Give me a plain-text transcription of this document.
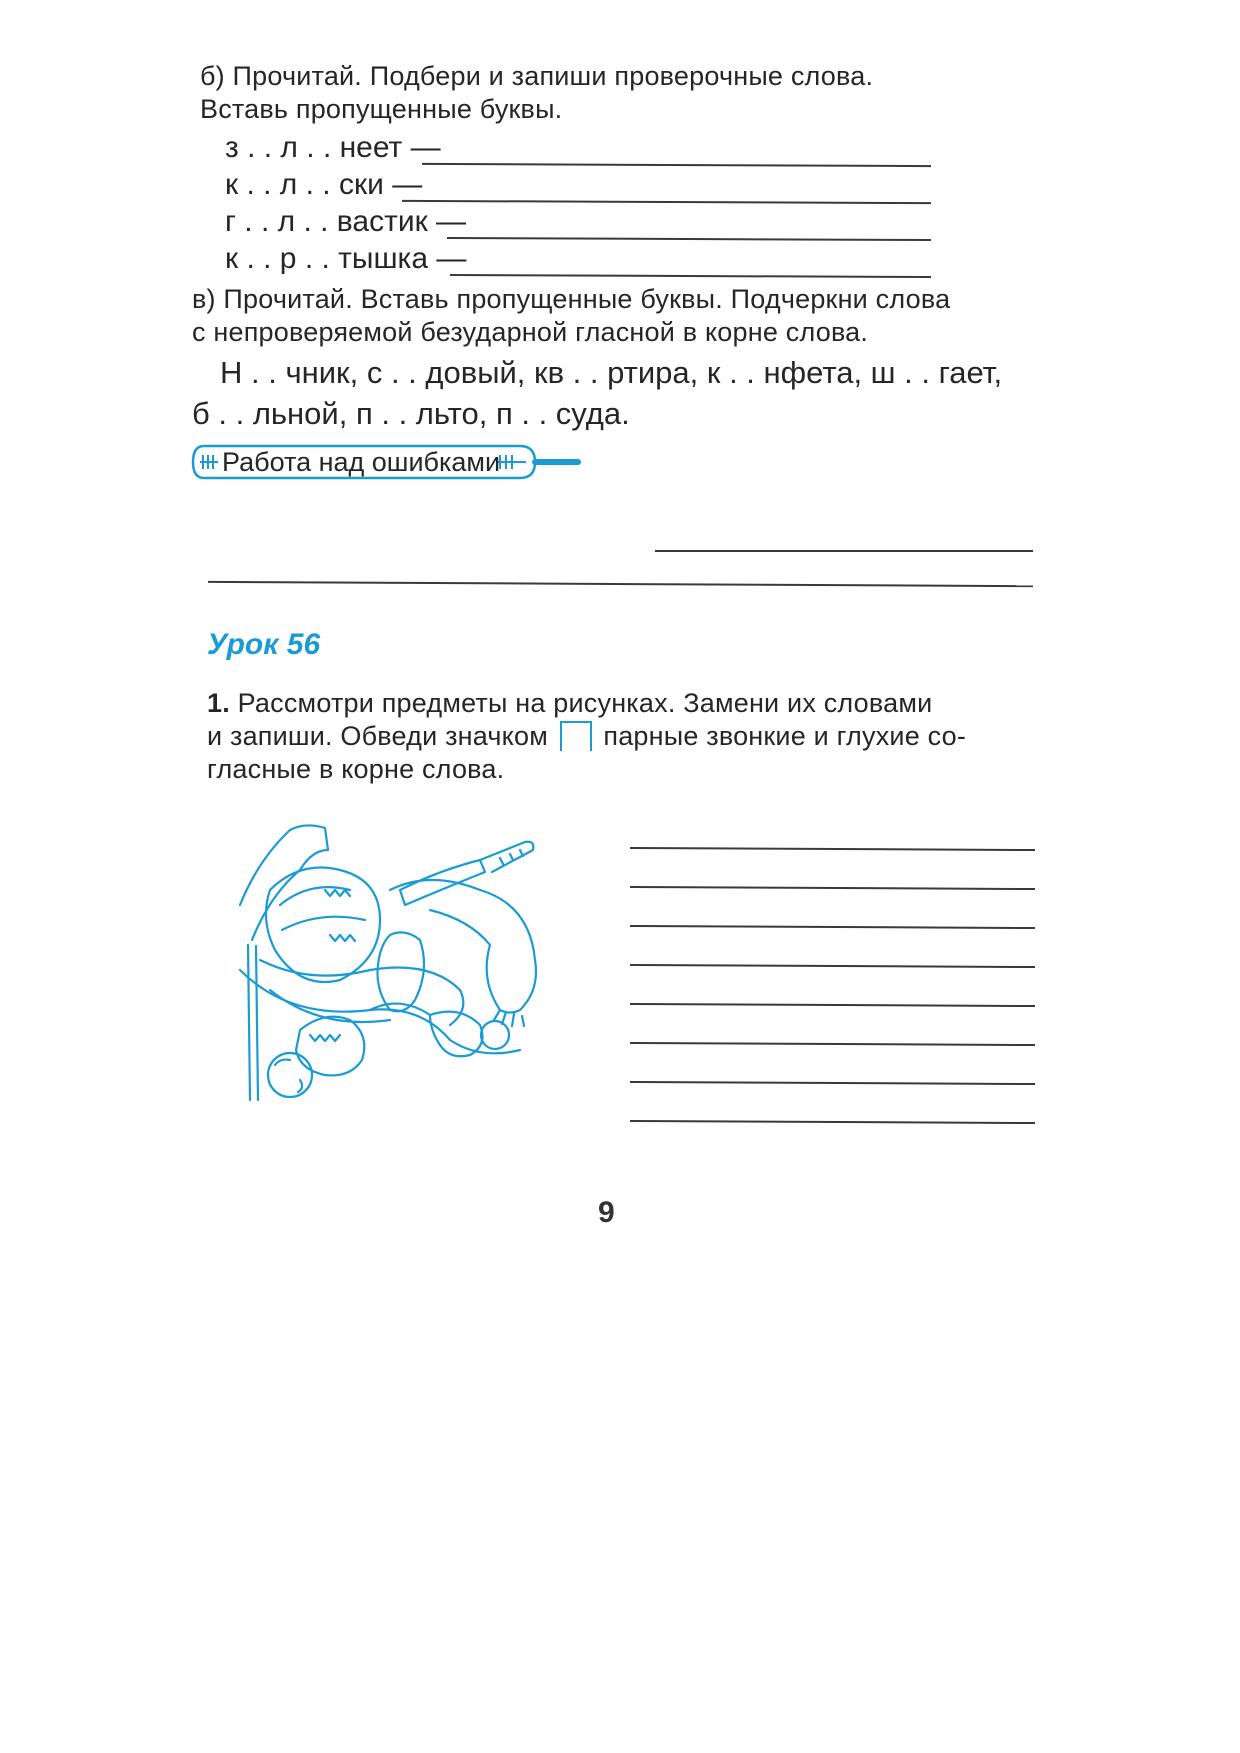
б) Прочитай. Подбери и запиши проверочные слова.
Вставь пропущенные буквы.
з . . л . . неет —
к . . л . . ски —
г . . л . . вастик —
к . . р . . тышка —
в) Прочитай. Вставь пропущенные буквы. Подчеркни слова
с непроверяемой безударной гласной в корне слова.
Н . . чник, с . . довый, кв . . ртира, к . . нфета, ш . . гает,
б . . льной, п . . льто, п . . суда.
Работа над ошибками
Урок 56
1. Рассмотри предметы на рисунках. Замени их словами
и запиши. Обведи значком парные звонкие и глухие со-
гласные в корне слова.
9
